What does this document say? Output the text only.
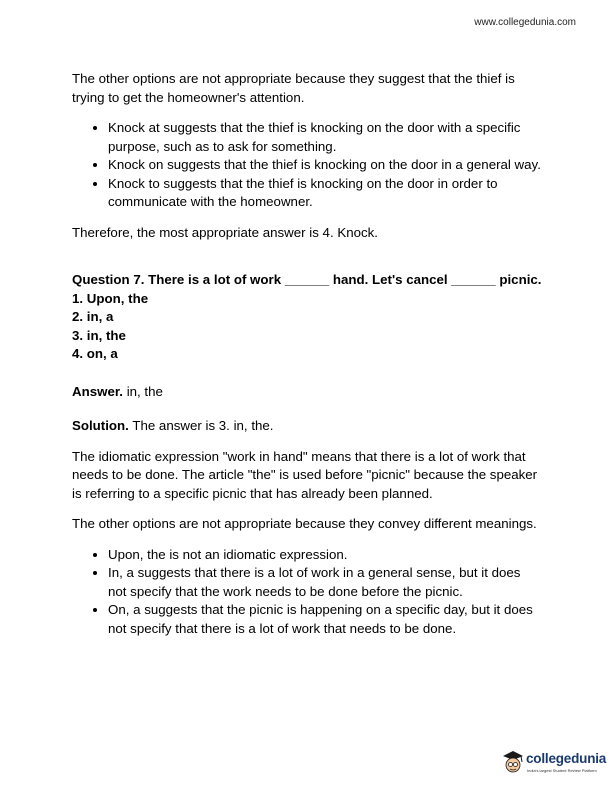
www.collegedunia.com

The other options are not appropriate because they suggest that the thief is trying to get the homeowner's attention.

• Knock at suggests that the thief is knocking on the door with a specific purpose, such as to ask for something.
• Knock on suggests that the thief is knocking on the door in a general way.
• Knock to suggests that the thief is knocking on the door in order to communicate with the homeowner.

Therefore, the most appropriate answer is 4. Knock.

Question 7. There is a lot of work ______ hand. Let's cancel ______ picnic.

1. Upon, the
2. in, a
3. in, the
4. on, a

Answer. in, the

Solution. The answer is 3. in, the.

The idiomatic expression "work in hand" means that there is a lot of work that needs to be done. The article "the" is used before "picnic" because the speaker is referring to a specific picnic that has already been planned.

The other options are not appropriate because they convey different meanings.

• Upon, the is not an idiomatic expression.
• In, a suggests that there is a lot of work in a general sense, but it does not specify that the work needs to be done before the picnic.
• On, a suggests that the picnic is happening on a specific day, but it does not specify that there is a lot of work that needs to be done.
collegedunia
India's largest Student Review Platform
